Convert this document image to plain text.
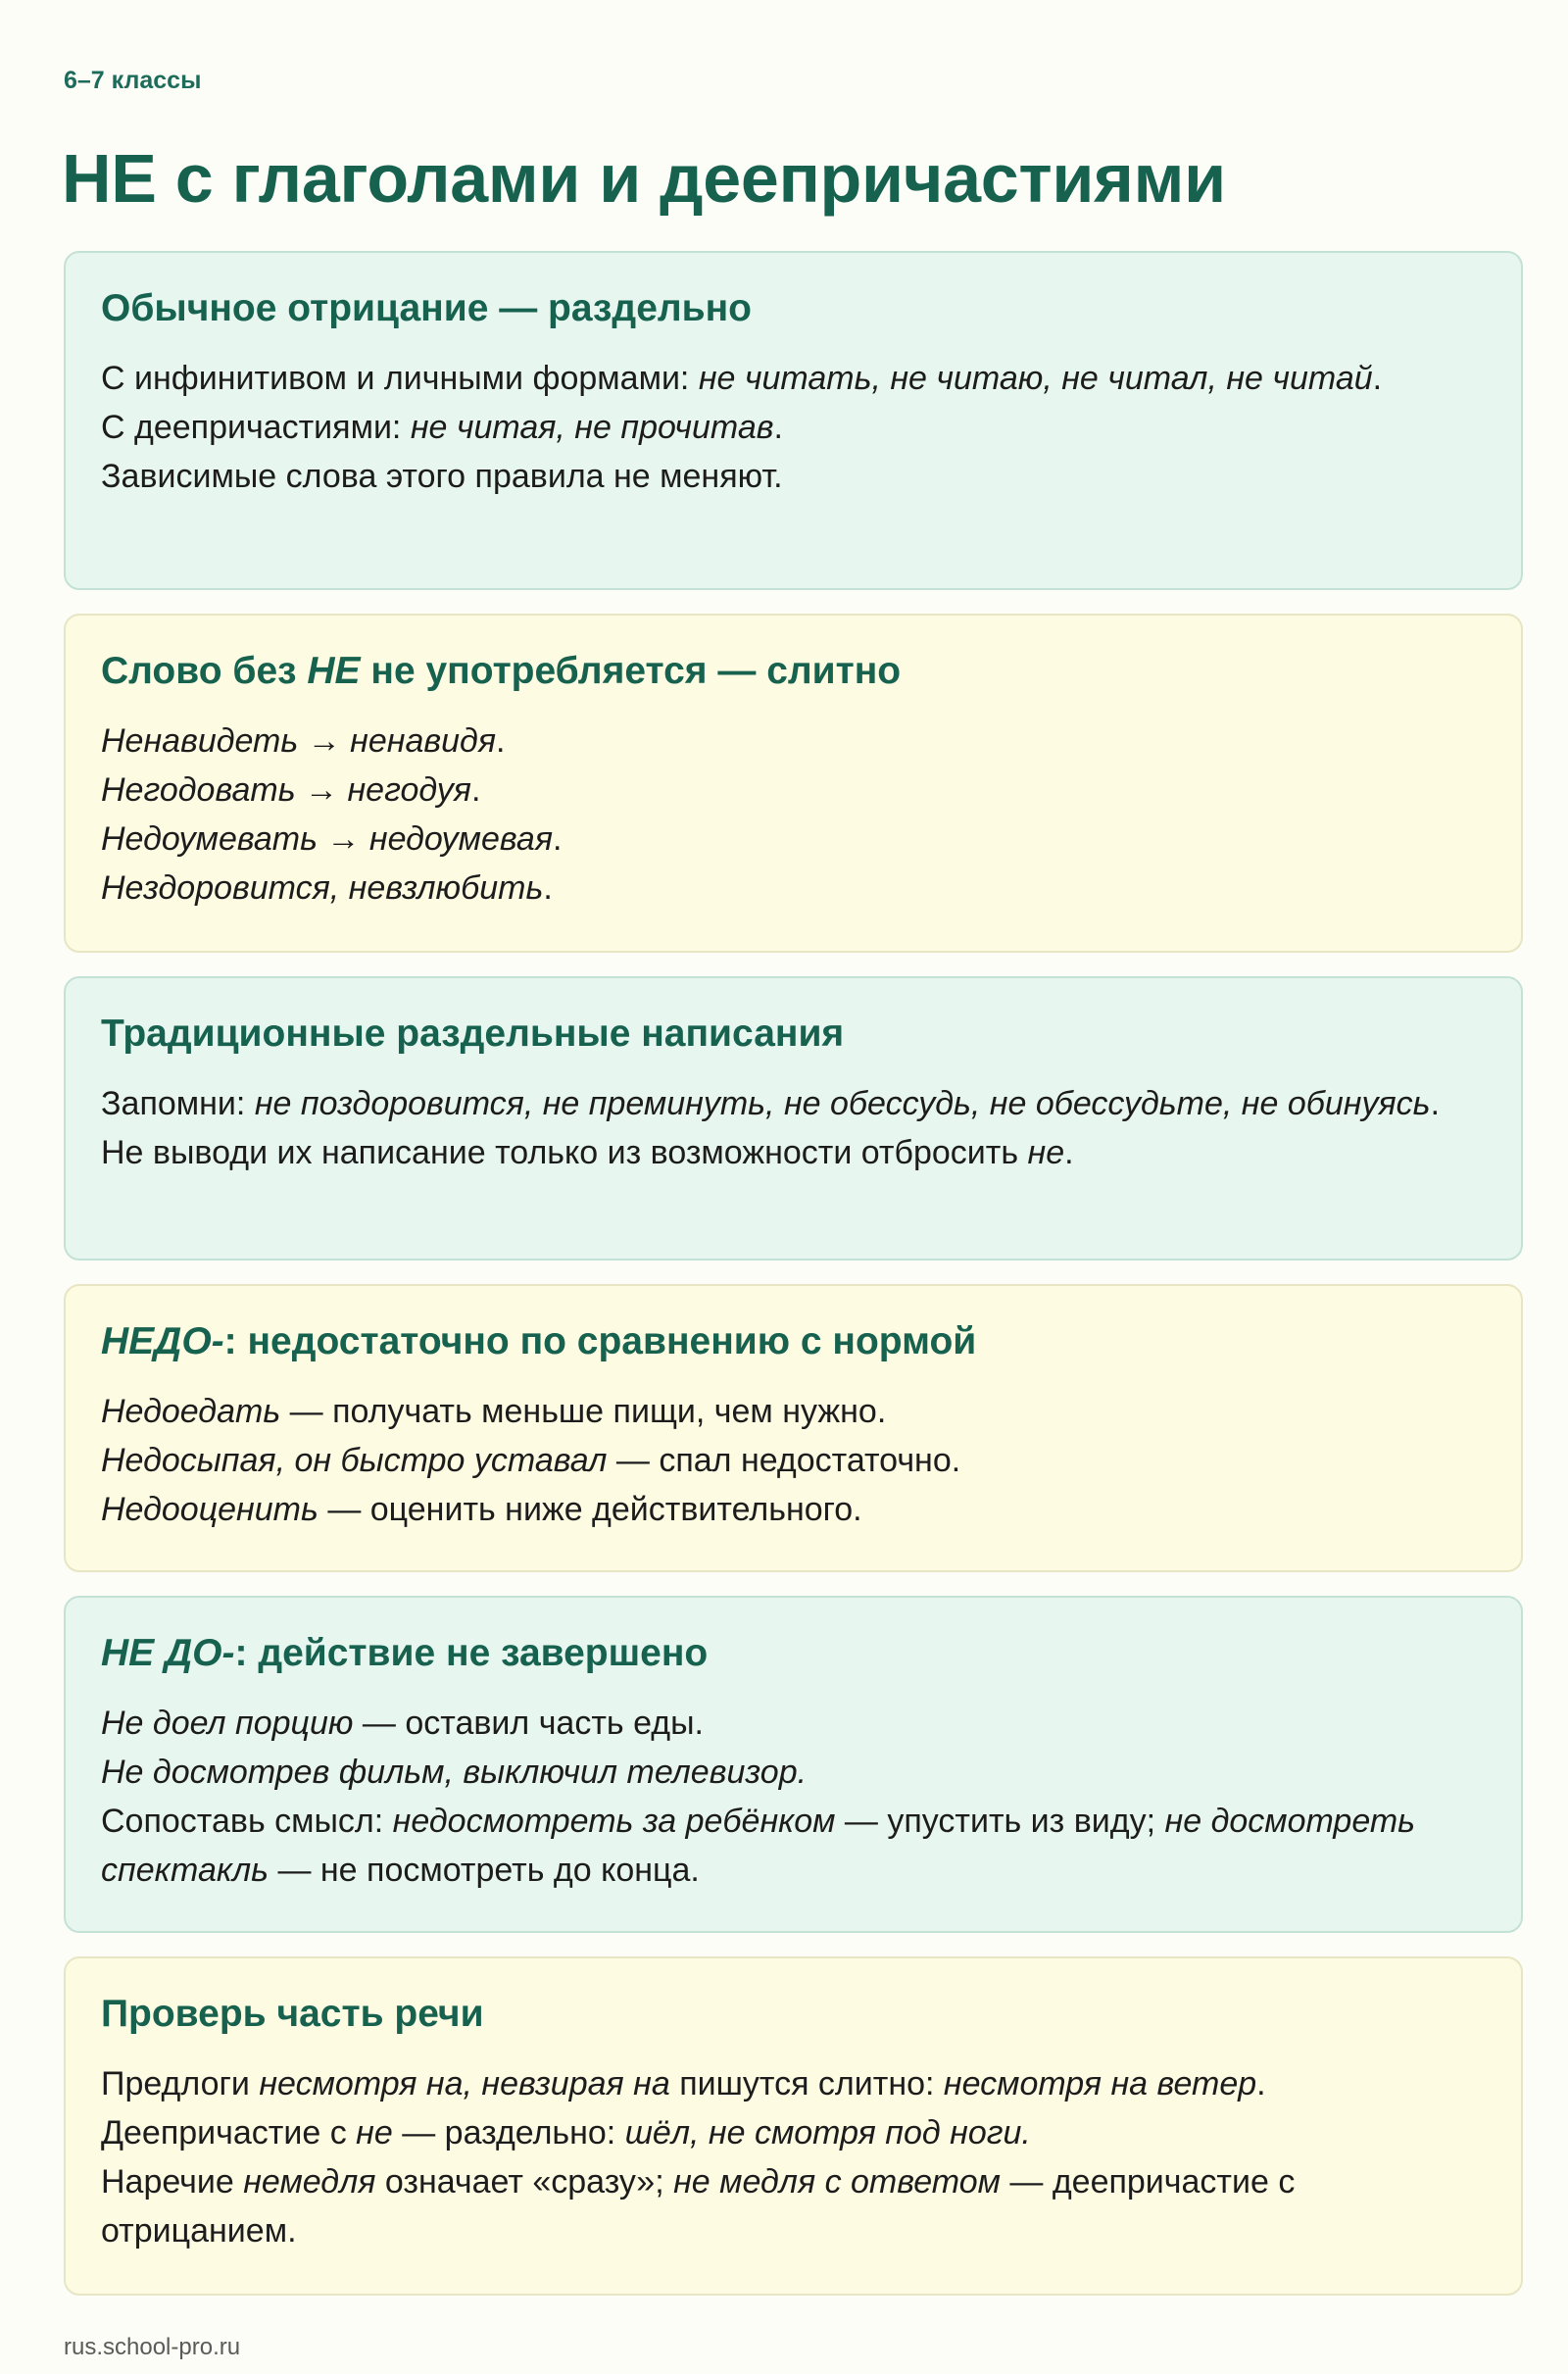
6–7 классы
НЕ с глаголами и деепричастиями
Обычное отрицание — раздельно

С инфинитивом и личными формами: не читать, не читаю, не читал, не читай.

С деепричастиями: не читая, не прочитав.

Зависимые слова этого правила не меняют.

Слово без НЕ не употребляется — слитно

Ненавидеть → ненавидя.

Негодовать → негодуя.

Недоумевать → недоумевая.

Нездоровится, невзлюбить.

Традиционные раздельные написания

Запомни: не поздоровится, не преминуть, не обессудь, не обессудьте, не обинуясь.

Не выводи их написание только из возможности отбросить не.

НЕДО-: недостаточно по сравнению с нормой

Недоедать — получать меньше пищи, чем нужно.

Недосыпая, он быстро уставал — спал недостаточно.

Недооценить — оценить ниже действительного.

НЕ ДО-: действие не завершено

Не доел порцию — оставил часть еды.

Не досмотрев фильм, выключил телевизор.

Сопоставь смысл: недосмотреть за ребёнком — упустить из виду; не досмотреть спектакль — не посмотреть до конца.

Проверь часть речи

Предлоги несмотря на, невзирая на пишутся слитно: несмотря на ветер.

Деепричастие с не — раздельно: шёл, не смотря под ноги.

Наречие немедля означает «сразу»; не медля с ответом — деепричастие с отрицанием.

rus.school-pro.ru
